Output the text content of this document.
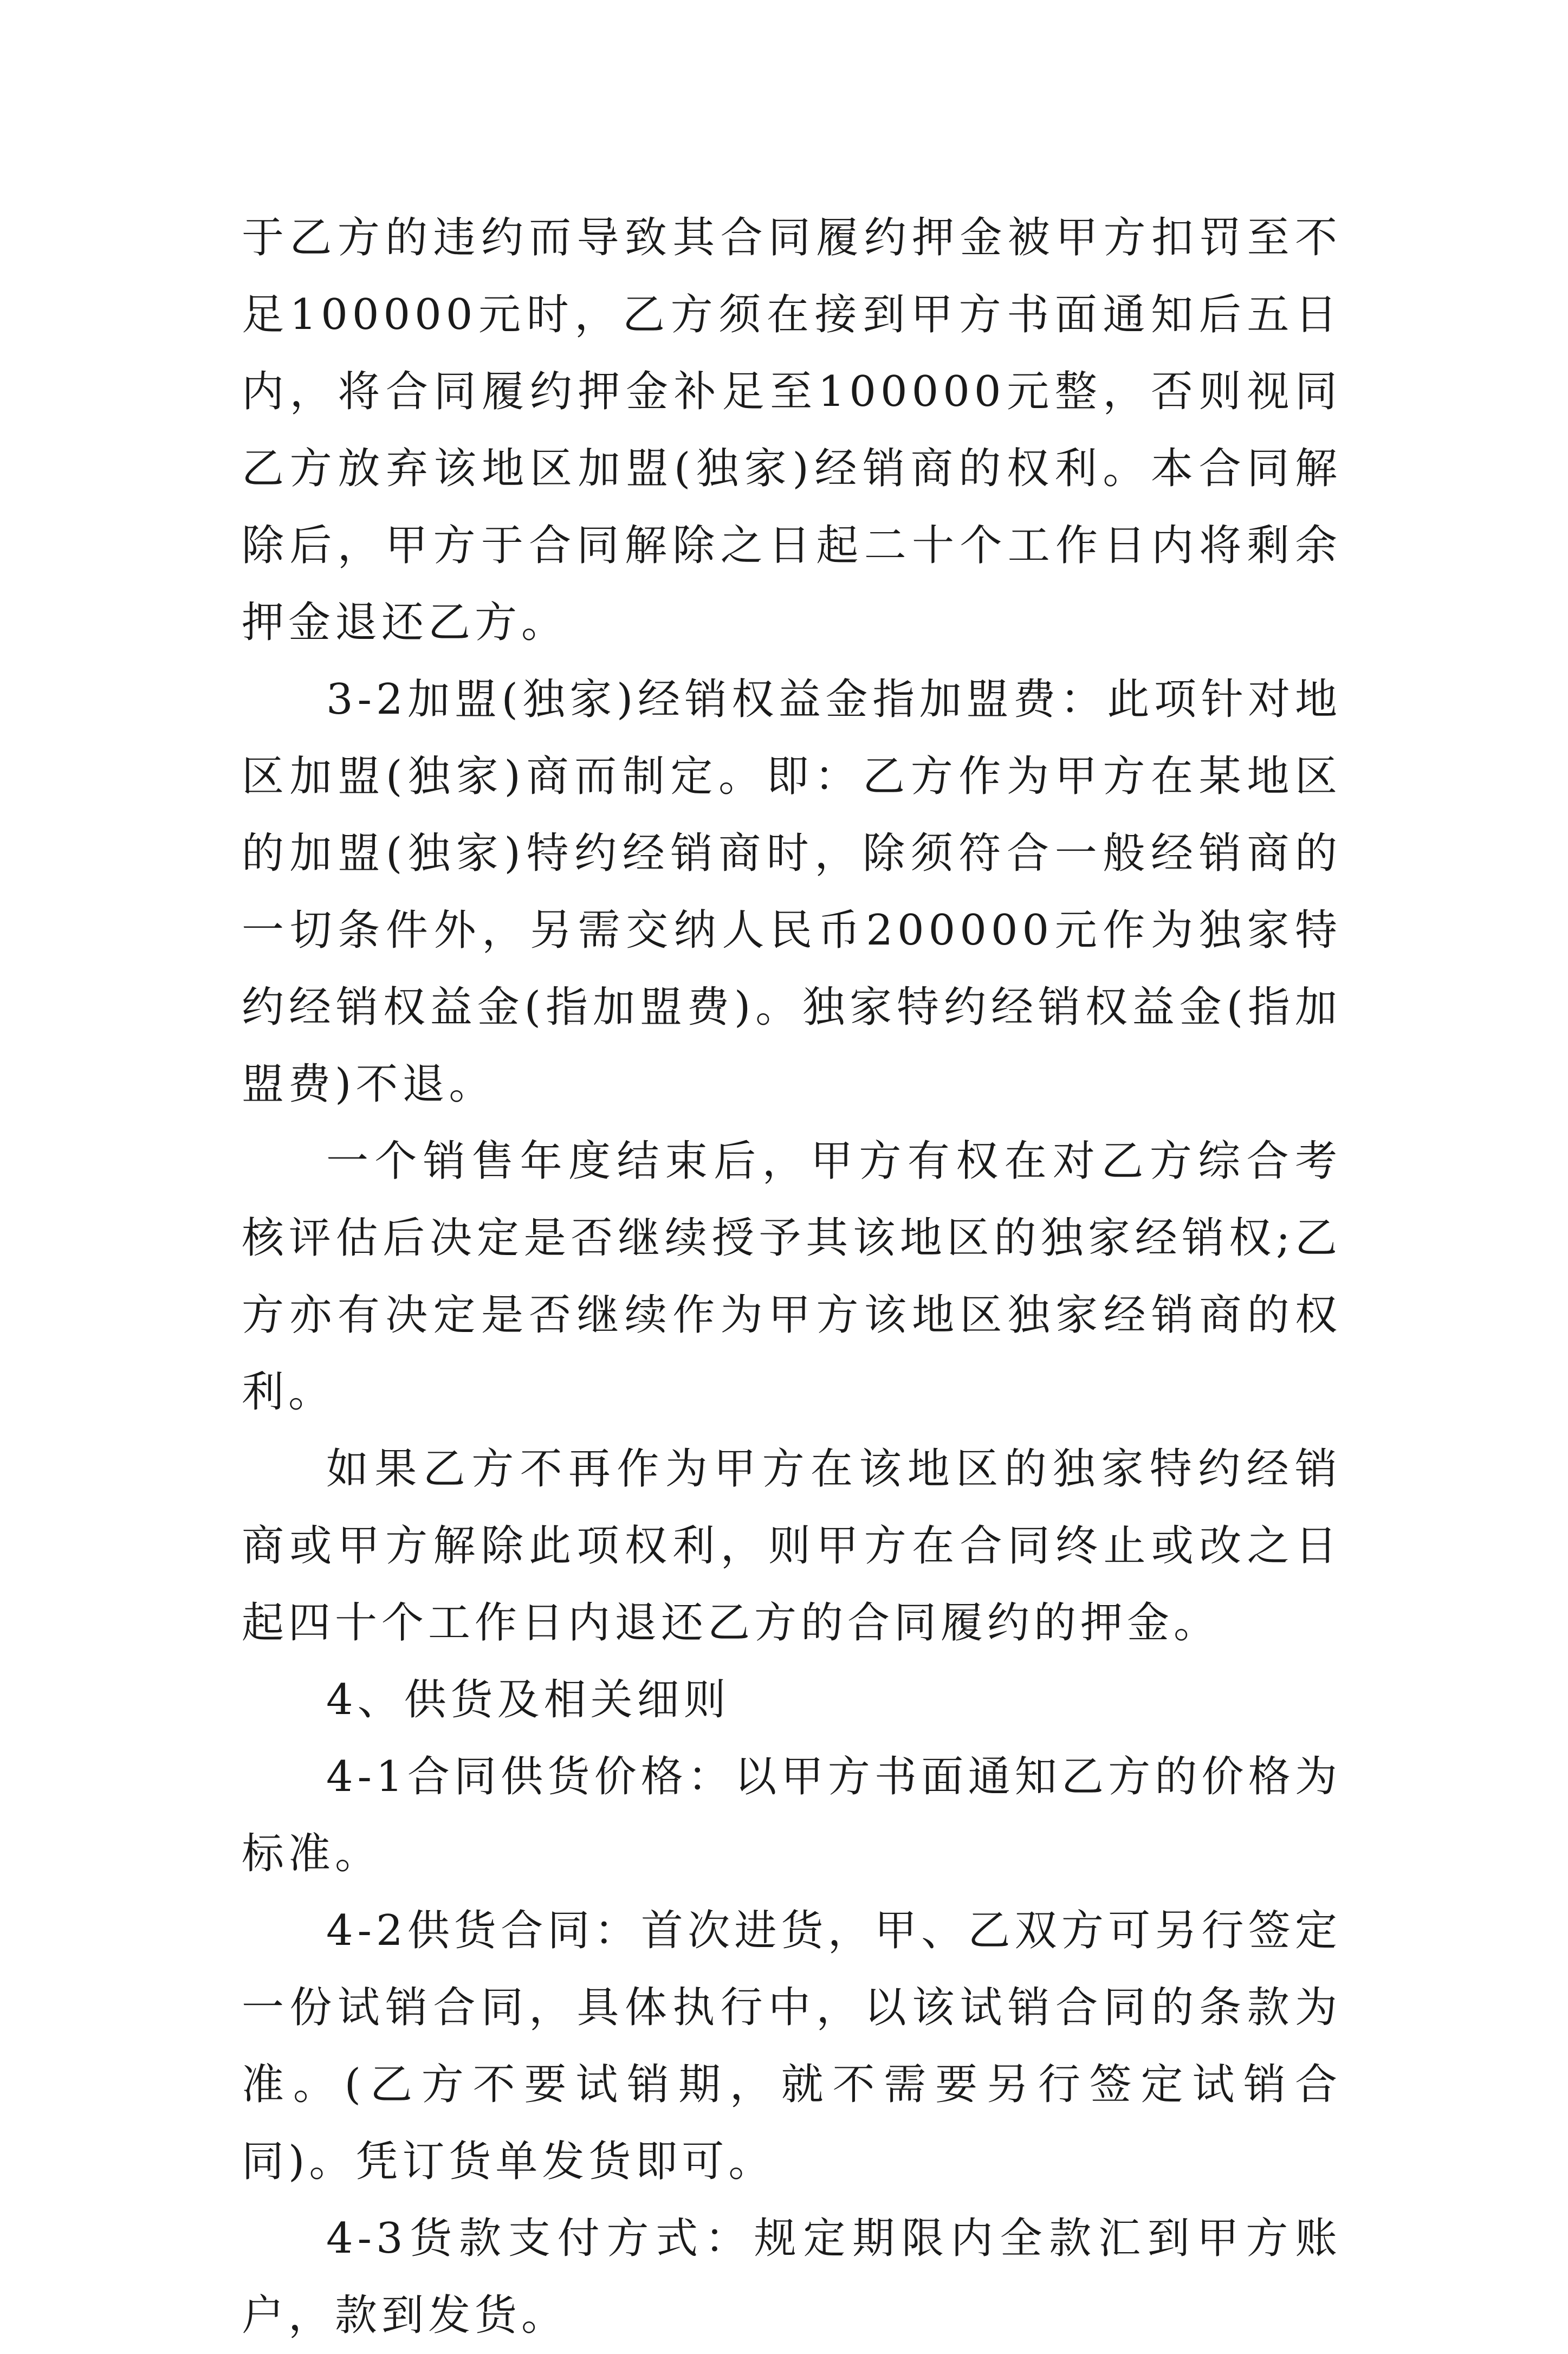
于乙方的违约而导致其合同履约押金被甲方扣罚至不足100000元时，乙方须在接到甲方书面通知后五日内，将合同履约押金补足至100000元整，否则视同乙方放弃该地区加盟(独家)经销商的权利。本合同解除后，甲方于合同解除之日起二十个工作日内将剩余押金退还乙方。

3-2加盟(独家)经销权益金指加盟费：此项针对地区加盟(独家)商而制定。即：乙方作为甲方在某地区的加盟(独家)特约经销商时，除须符合一般经销商的一切条件外，另需交纳人民币200000元作为独家特约经销权益金(指加盟费)。独家特约经销权益金(指加盟费)不退。

一个销售年度结束后，甲方有权在对乙方综合考核评估后决定是否继续授予其该地区的独家经销权;乙方亦有决定是否继续作为甲方该地区独家经销商的权利。

如果乙方不再作为甲方在该地区的独家特约经销商或甲方解除此项权利，则甲方在合同终止或改之日起四十个工作日内退还乙方的合同履约的押金。

4、供货及相关细则

4-1合同供货价格：以甲方书面通知乙方的价格为标准。

4-2供货合同：首次进货，甲、乙双方可另行签定一份试销合同，具体执行中，以该试销合同的条款为准。(乙方不要试销期，就不需要另行签定试销合同)。凭订货单发货即可。

4-3货款支付方式：规定期限内全款汇到甲方账户，款到发货。
